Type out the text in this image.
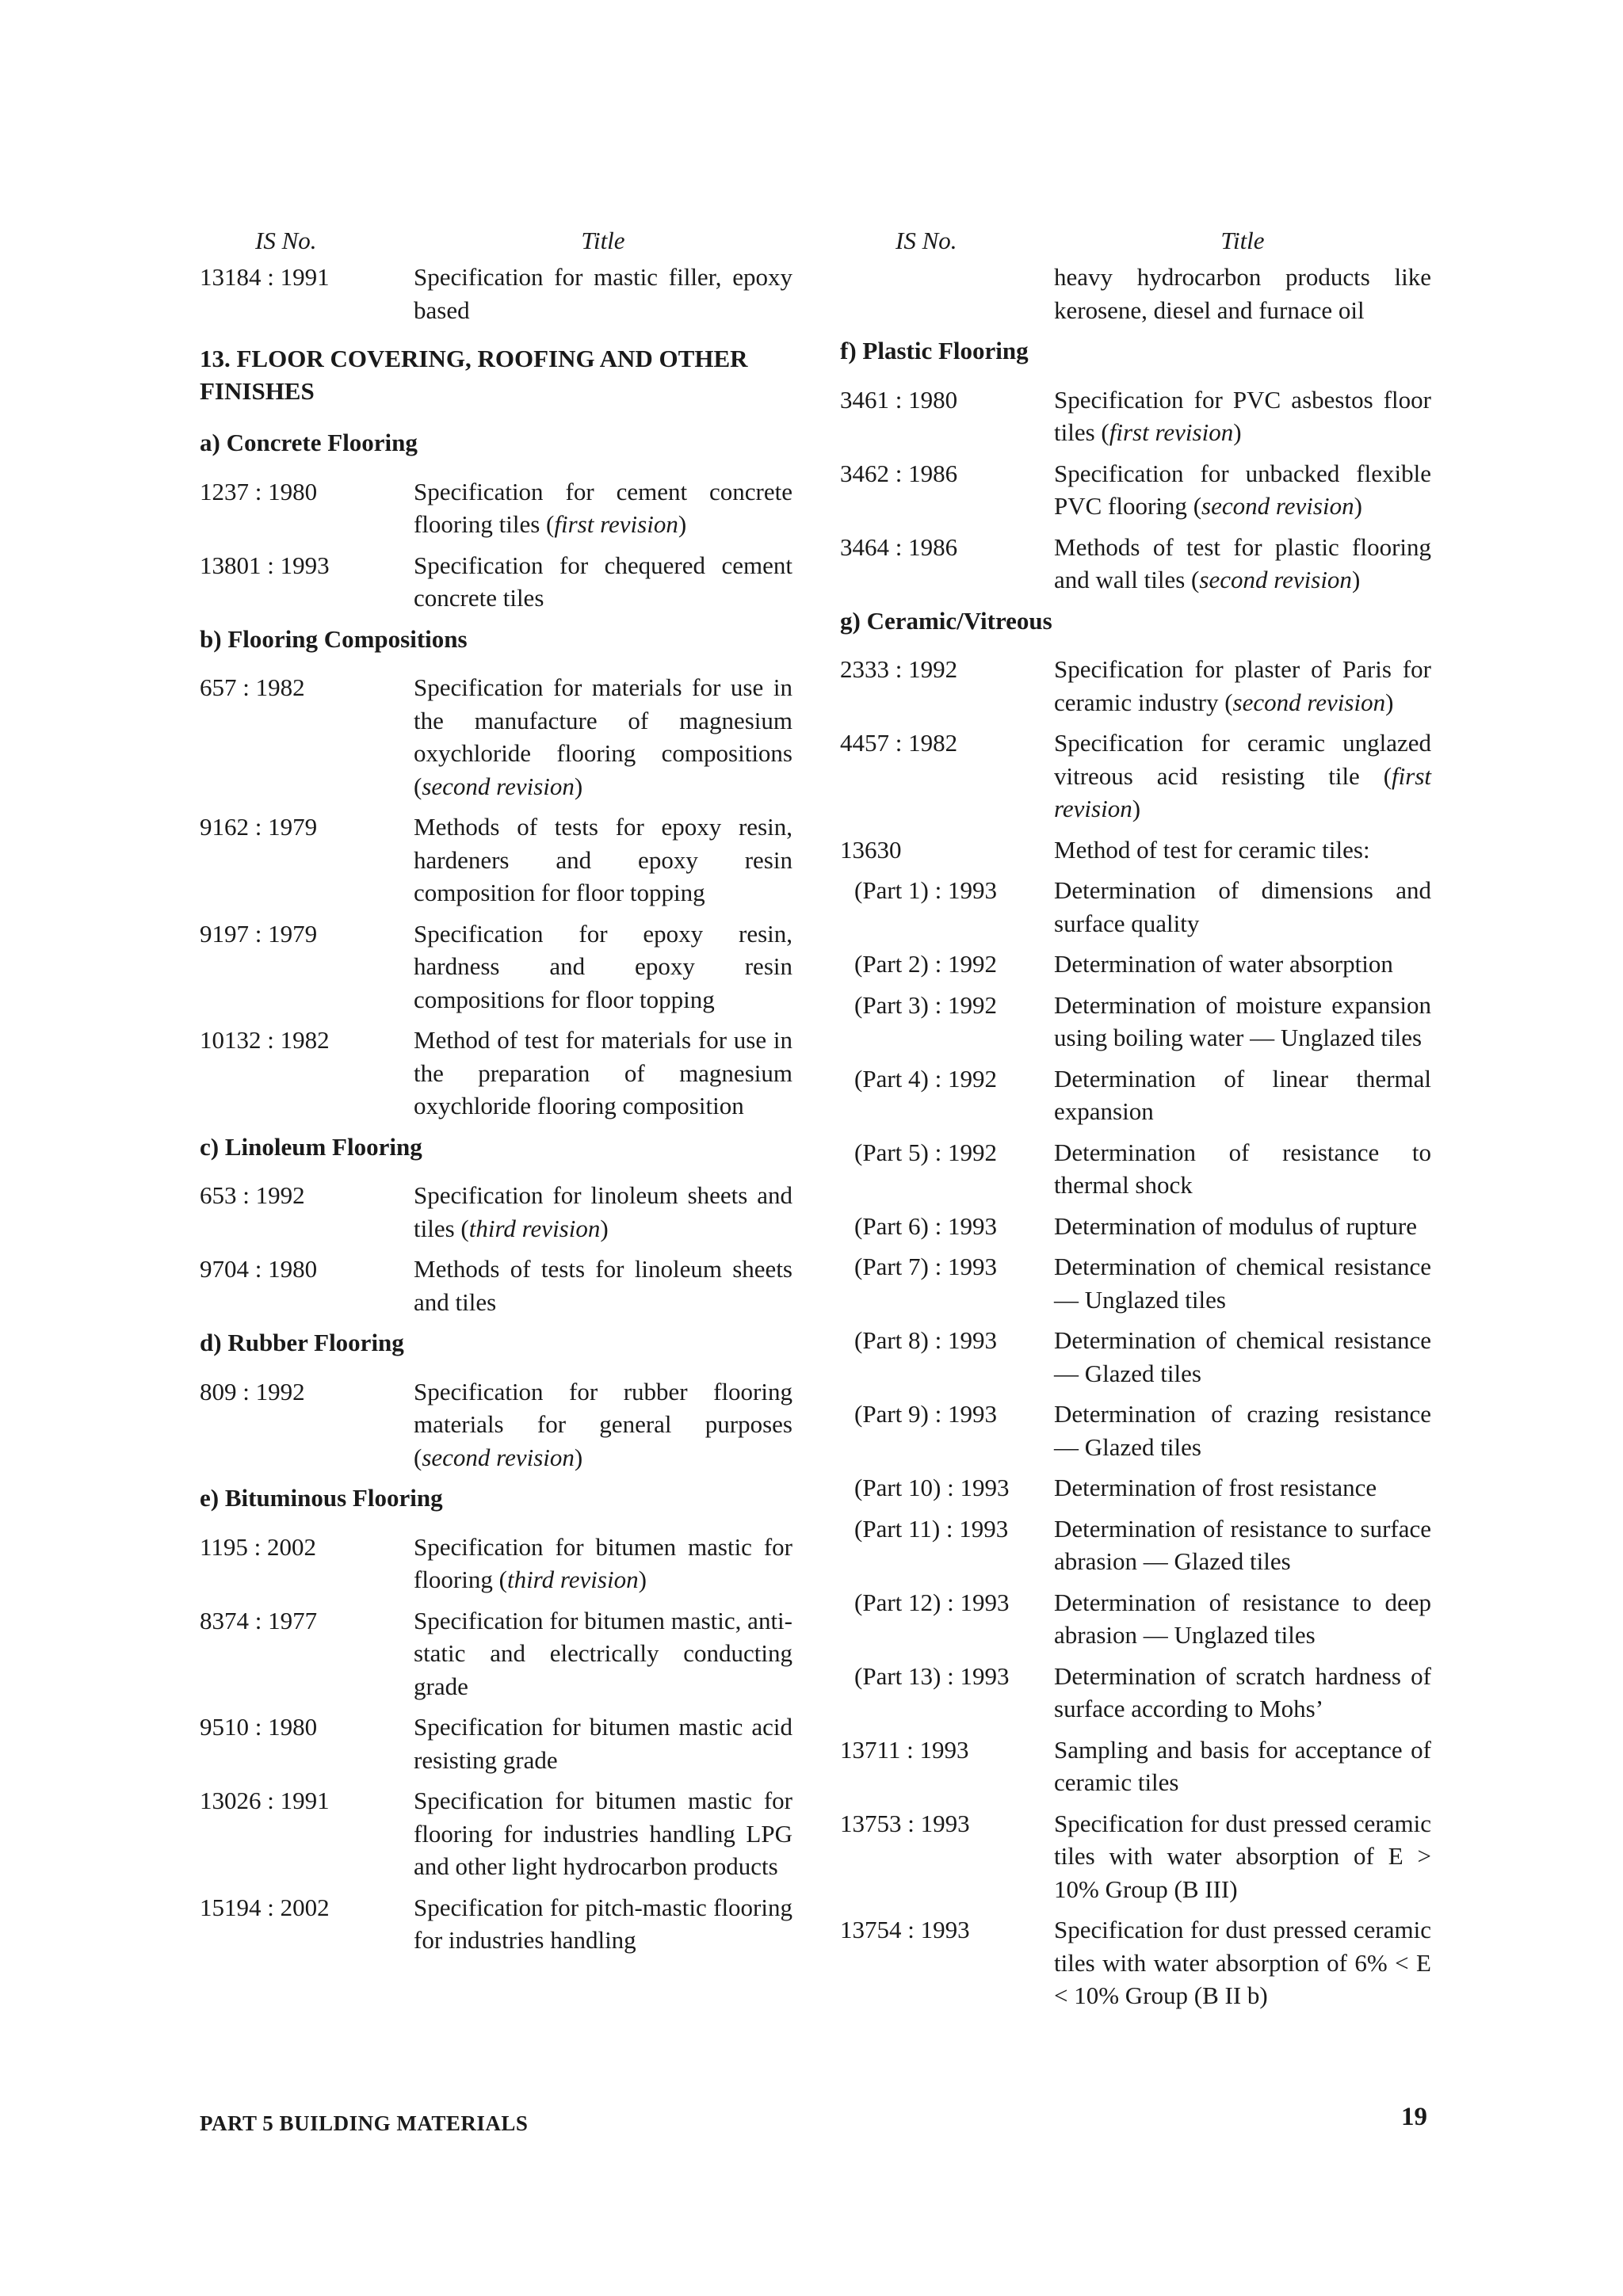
IS No.	Title
13184 : 1991	Specification for mastic filler, epoxy based
13. FLOOR COVERING, ROOFING AND OTHER FINISHES
a) Concrete Flooring
1237 : 1980	Specification for cement concrete flooring tiles (first revision)
13801 : 1993	Specification for chequered cement concrete tiles
b) Flooring Compositions
657 : 1982	Specification for materials for use in the manufacture of magnesium oxychloride flooring compositions (second revision)
9162 : 1979	Methods of tests for epoxy resin, hardeners and epoxy resin composition for floor topping
9197 : 1979	Specification for epoxy resin, hardness and epoxy resin compositions for floor topping
10132 : 1982	Method of test for materials for use in the preparation of magnesium oxychloride flooring composition
c) Linoleum Flooring
653 : 1992	Specification for linoleum sheets and tiles (third revision)
9704 : 1980	Methods of tests for linoleum sheets and tiles
d) Rubber Flooring
809 : 1992	Specification for rubber flooring materials for general purposes (second revision)
e) Bituminous Flooring
1195 : 2002	Specification for bitumen mastic for flooring (third revision)
8374 : 1977	Specification for bitumen mastic, anti-static and electrically conducting grade
9510 : 1980	Specification for bitumen mastic acid resisting grade
13026 : 1991	Specification for bitumen mastic for flooring for industries handling LPG and other light hydrocarbon products
15194 : 2002	Specification for pitch-mastic flooring for industries handling
IS No.	Title
heavy hydrocarbon products like kerosene, diesel and furnace oil
f) Plastic Flooring
3461 : 1980	Specification for PVC asbestos floor tiles (first revision)
3462 : 1986	Specification for unbacked flexible PVC flooring (second revision)
3464 : 1986	Methods of test for plastic flooring and wall tiles (second revision)
g) Ceramic/Vitreous
2333 : 1992	Specification for plaster of Paris for ceramic industry (second revision)
4457 : 1982	Specification for ceramic unglazed vitreous acid resisting tile (first revision)
13630	Method of test for ceramic tiles:
(Part 1) : 1993	Determination of dimensions and surface quality
(Part 2) : 1992	Determination of water absorption
(Part 3) : 1992	Determination of moisture expansion using boiling water — Unglazed tiles
(Part 4) : 1992	Determination of linear thermal expansion
(Part 5) : 1992	Determination of resistance to thermal shock
(Part 6) : 1993	Determination of modulus of rupture
(Part 7) : 1993	Determination of chemical resistance — Unglazed tiles
(Part 8) : 1993	Determination of chemical resistance — Glazed tiles
(Part 9) : 1993	Determination of crazing resistance — Glazed tiles
(Part 10) : 1993	Determination of frost resistance
(Part 11) : 1993	Determination of resistance to surface abrasion — Glazed tiles
(Part 12) : 1993	Determination of resistance to deep abrasion — Unglazed tiles
(Part 13) : 1993	Determination of scratch hardness of surface according to Mohs’
13711 : 1993	Sampling and basis for acceptance of ceramic tiles
13753 : 1993	Specification for dust pressed ceramic tiles with water absorption of E > 10% Group (B III)
13754 : 1993	Specification for dust pressed ceramic tiles with water absorption of 6% < E < 10% Group (B II b)
PART 5 BUILDING MATERIALS	19
